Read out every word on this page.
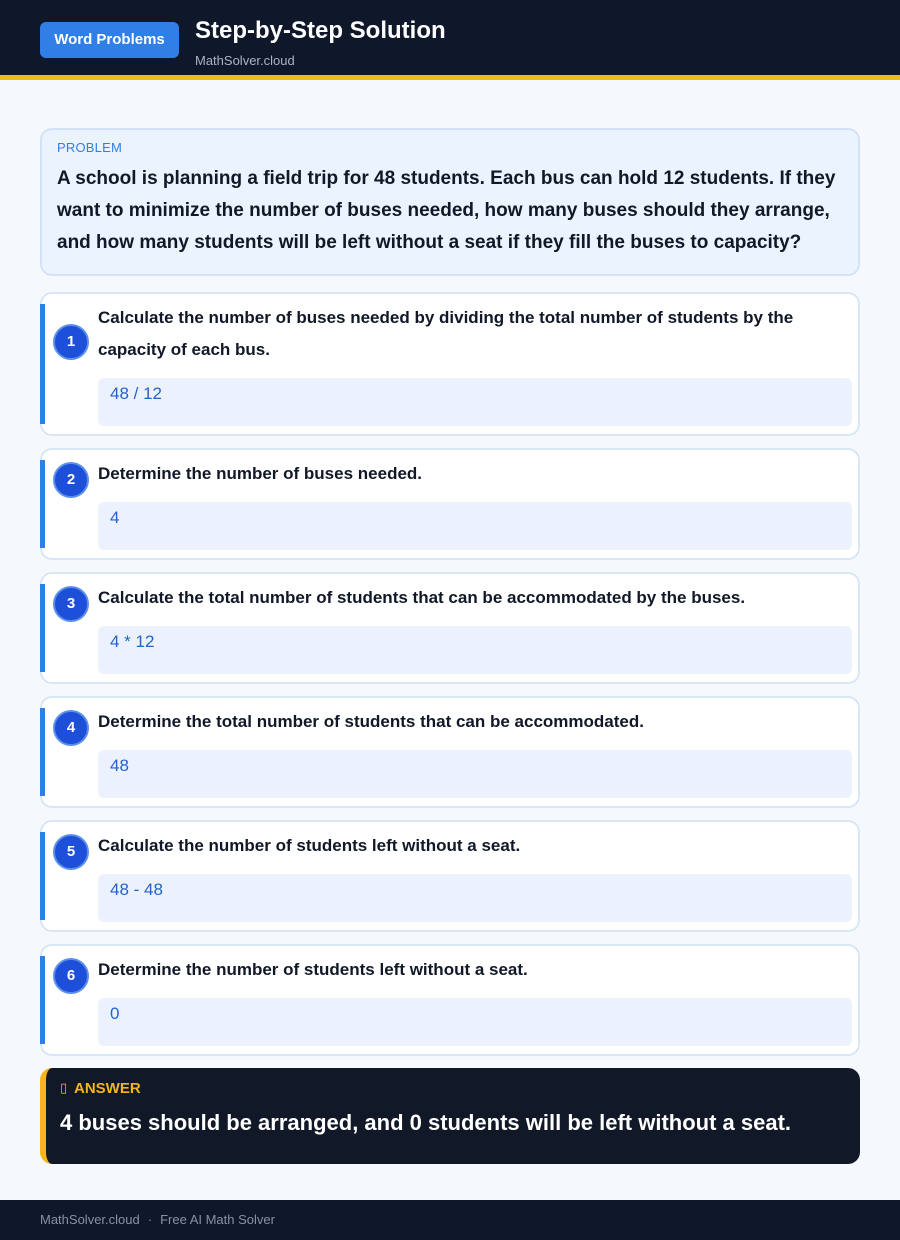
Word Problems	Step-by-Step Solution
MathSolver.cloud
PROBLEM
A school is planning a field trip for 48 students. Each bus can hold 12 students. If they want to minimize the number of buses needed, how many buses should they arrange, and how many students will be left without a seat if they fill the buses to capacity?
1
Calculate the number of buses needed by dividing the total number of students by the capacity of each bus.
48 / 12
2	Determine the number of buses needed.
4
3	Calculate the total number of students that can be accommodated by the buses.
4 * 12
4	Determine the total number of students that can be accommodated.
48
5	Calculate the number of students left without a seat.
48 - 48
6	Determine the number of students left without a seat.
0
▯ ANSWER
4 buses should be arranged, and 0 students will be left without a seat.
MathSolver.cloud · Free AI Math Solver
